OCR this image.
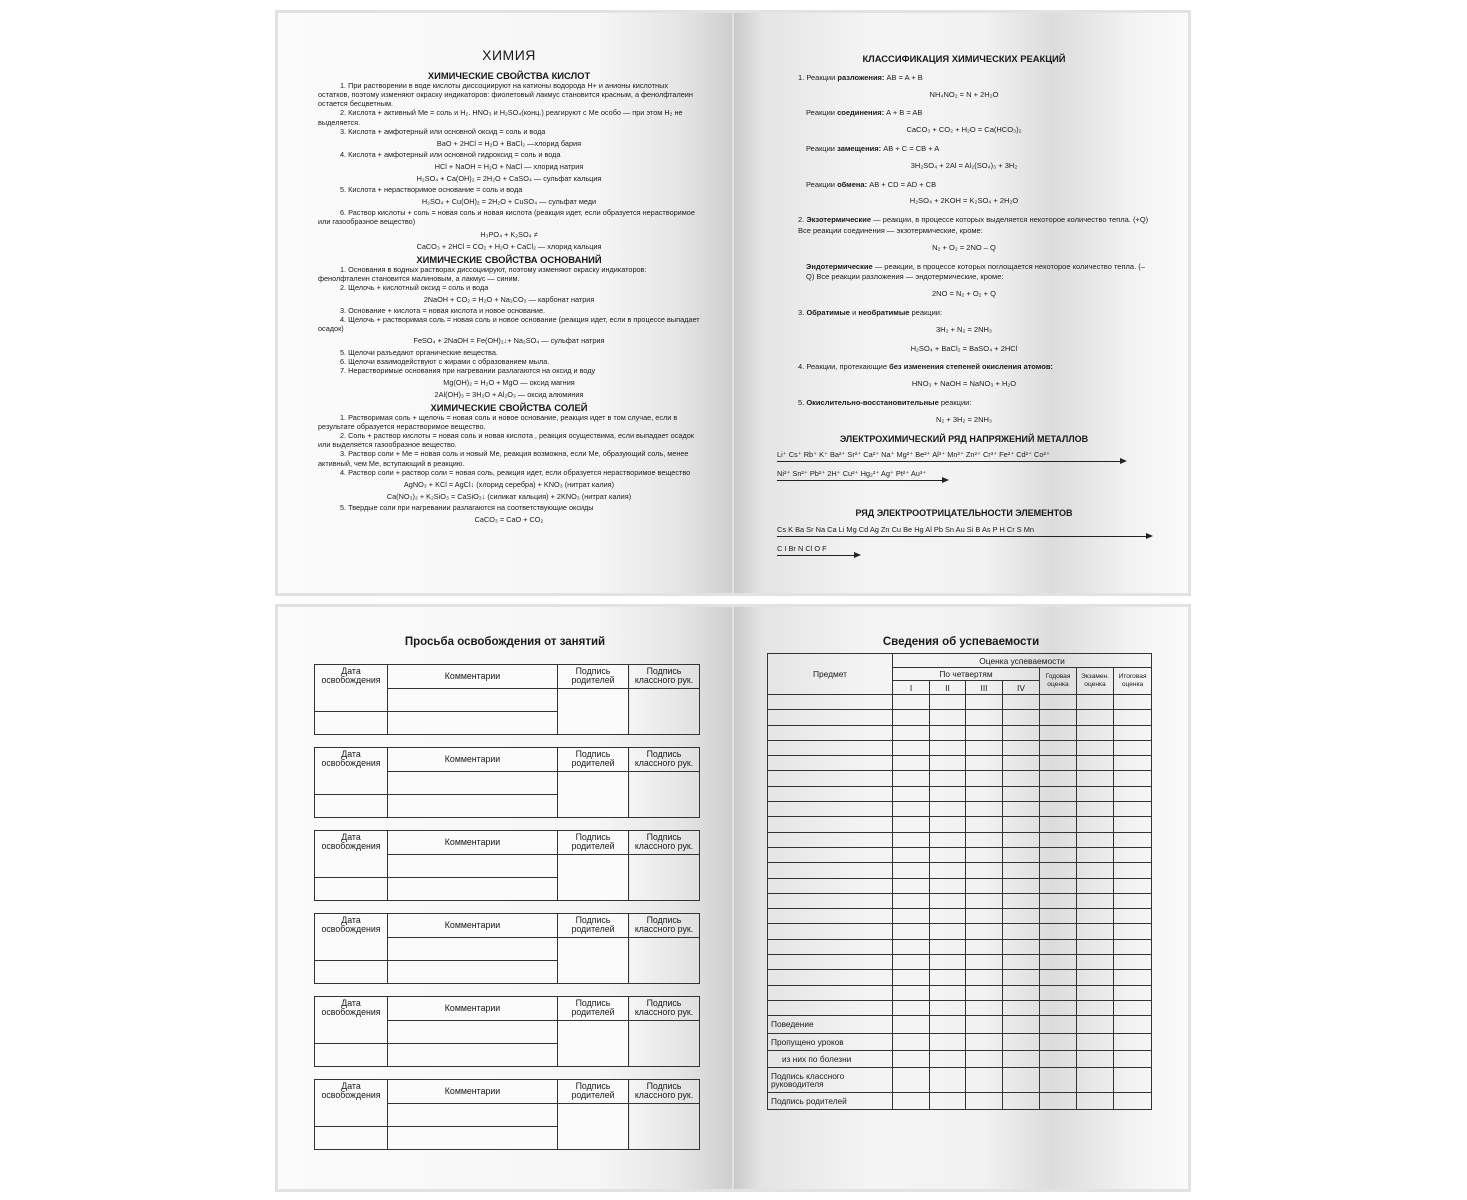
ХИМИЯ
ХИМИЧЕСКИЕ СВОЙСТВА КИСЛОТ
1. При растворении в воде кислоты диссоциируют на катионы водорода H+ и анионы кислотных остатков, поэтому изменяют окраску индикаторов: фиолетовый лакмус становится красным, а фенолфталеин остается бесцветным.
2. Кислота + активный Me = соль и H₂. HNO₃ и H₂SO₄(конц.) реагируют с Me особо — при этом H₂ не выделяется.
3. Кислота + амфотерный или основной оксид = соль и вода
BaO + 2HCl = H₂O + BaCl₂ —хлорид бария
4. Кислота + амфотерный или основной гидроксид = соль и вода
HCl + NaOH = H₂O + NaCl — хлорид натрия
H₂SO₄ + Ca(OH)₂ = 2H₂O + CaSO₄ — сульфат кальция
5. Кислота + нерастворимое основание = соль и вода
H₂SO₄ + Cu(OH)₂ = 2H₂O + CuSO₄ — сульфат меди
6. Раствор кислоты + соль = новая соль и новая кислота (реакция идет, если образуется нерастворимое или газообразное вещество)
H₃PO₄ + K₂SO₄ ≠
CaCO₃ + 2HCl = CO₂ + H₂O + CaCl₂ — хлорид кальция
ХИМИЧЕСКИЕ СВОЙСТВА ОСНОВАНИЙ
1. Основания в водных растворах диссоциируют, поэтому изменяют окраску индикаторов: фенолфталеин становится малиновым, а лакмус — синим.
2. Щелочь + кислотный оксид = соль и вода
2NaOH + CO₂ = H₂O + Na₂CO₃ — карбонат натрия
3. Основание + кислота = новая кислота и новое основание.
4. Щелочь + растворимая соль = новая соль и новое основание (реакция идет, если в процессе выпадает осадок)
FeSO₄ + 2NaOH = Fe(OH)₂↓+ Na₂SO₄ — сульфат натрия
5. Щелочи разъедают органические вещества.
6. Щелочи взаимодействуют с жирами с образованием мыла.
7. Нерастворимые основания при нагревании разлагаются на оксид и воду
Mg(OH)₂ = H₂O + MgO — оксид магния
2Al(OH)₃ = 3H₂O + Al₂O₃ — оксид алюминия
ХИМИЧЕСКИЕ СВОЙСТВА СОЛЕЙ
1. Растворимая соль + щелочь = новая соль и новое основание, реакция идет в том случае, если в результате образуется нерастворимое вещество.
2. Соль + раствор кислоты = новая соль и новая кислота , реакция осуществима, если выпадает осадок или выделяется газообразное вещество.
3. Раствор соли + Me = новая соль и новый Me, реакция возможна, если Me, образующий соль, менее активный, чем Me, вступающий в реакцию.
4. Раствор соли + раствор соли = новая соль, реакция идет, если образуется нерастворимое вещество
AgNO₃ + KCl = AgCl↓ (хлорид серебра) + KNO₃ (нитрат калия)
Ca(NO₃)₂ + K₂SiO₃ = CaSiO₃↓ (силикат кальция) + 2KNO₃ (нитрат калия)
5. Твердые соли при нагревании разлагаются на соответствующие оксиды
CaCO₃ = CaO + CO₂
КЛАССИФИКАЦИЯ ХИМИЧЕСКИХ РЕАКЦИЙ
1. Реакции разложения: AB = A + B
NH₄NO₂ = N + 2H₂O
Реакции соединения: A + B = AB
CaCO₃ + CO₂ + H₂O = Ca(HCO₃)₂
Реакции замещения: AB + C = CB + A
3H₂SO₄ + 2Al = Al₂(SO₄)₃ + 3H₂
Реакции обмена: AB + CD = AD + CB
H₂SO₄ + 2KOH = K₂SO₄ + 2H₂O
2. Экзотермические — реакции, в процессе которых выделяется некоторое количество тепла. (+Q) Все реакции соединения — экзотермические, кроме:
N₂ + O₂ = 2NO – Q
Эндотермические — реакции, в процессе которых поглощается некоторое количество тепла. (– Q) Все реакции разложения — эндотермические, кроме:
2NO = N₂ + O₂ + Q
3. Обратимые и необратимые реакции:
3H₂ + N₂ = 2NH₃
H₂SO₄ + BaCl₂ = BaSO₄ + 2HCl
4. Реакции, протекающие без изменения степеней окисления атомов:
HNO₃ + NaOH = NaNO₃ + H₂O
5. Окислительно-восстановительные реакции:
N₂ + 3H₂ = 2NH₃
ЭЛЕКТРОХИМИЧЕСКИЙ РЯД НАПРЯЖЕНИЙ МЕТАЛЛОВ
Li⁺ Cs⁺ Rb⁺ K⁺ Ba²⁺ Sr²⁺ Ca²⁺ Na⁺ Mg²⁺ Be²⁺ Al³⁺ Mn²⁺ Zn²⁺ Cr³⁺ Fe²⁺ Cd²⁺ Co²⁺
Ni²⁺ Sn²⁺ Pb²⁺ 2H⁺ Cu²⁺ Hg₂²⁺ Ag⁺ Pt²⁺ Au³⁺
РЯД ЭЛЕКТРООТРИЦАТЕЛЬНОСТИ ЭЛЕМЕНТОВ
Cs K Ba Sr Na Ca Li Mg Cd Ag Zn Cu Be Hg Al Pb Sn Au Si B As P H Cr S Mn
C I Br N Cl O F
Просьба освобождения от занятий
Дата освобождения	Комментарии	Подпись родителей	Подпись классного рук.

Дата освобождения	Комментарии	Подпись родителей	Подпись классного рук.

Дата освобождения	Комментарии	Подпись родителей	Подпись классного рук.

Дата освобождения	Комментарии	Подпись родителей	Подпись классного рук.

Дата освобождения	Комментарии	Подпись родителей	Подпись классного рук.

Дата освобождения	Комментарии	Подпись родителей	Подпись классного рук.

Сведения об успеваемости
Предмет	Оценка успеваемости						
	По четвертям				Годовая оценка	Экзамен. оценка	Итоговая оценка
	I	II	III	IV			

Поведение							
Пропущено уроков							
из них по болезни							
Подпись классного руководителя							
Подпись родителей							
